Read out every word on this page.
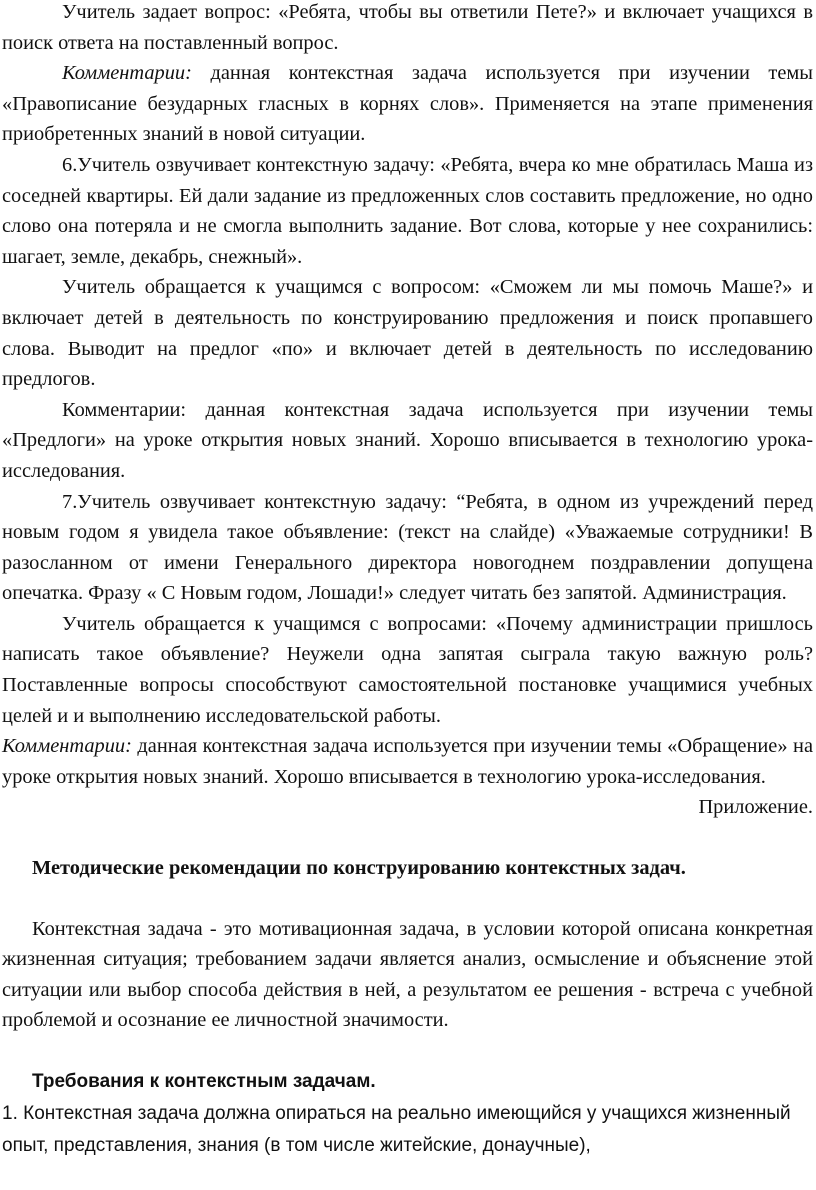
Учитель задает вопрос: «Ребята, чтобы вы ответили Пете?» и включает учащихся в поиск ответа на поставленный вопрос.

Комментарии: данная контекстная задача используется при изучении темы «Правописание безударных гласных в корнях слов». Применяется на этапе применения приобретенных знаний в новой ситуации.

6.Учитель озвучивает контекстную задачу: «Ребята, вчера ко мне обратилась Маша из соседней квартиры. Ей дали задание из предложенных слов составить предложение, но одно слово она потеряла и не смогла выполнить задание. Вот слова, которые у нее сохранились: шагает, земле, декабрь, снежный».

Учитель обращается к учащимся с вопросом: «Сможем ли мы помочь Маше?» и включает детей в деятельность по конструированию предложения и поиск пропавшего слова. Выводит на предлог «по» и включает детей в деятельность по исследованию предлогов.

Комментарии: данная контекстная задача используется при изучении темы «Предлоги» на уроке открытия новых знаний. Хорошо вписывается в технологию урока-исследования.

7.Учитель озвучивает контекстную задачу: “Ребята, в одном из учреждений перед новым годом я увидела такое объявление: (текст на слайде) «Уважаемые сотрудники! В разосланном от имени Генерального директора новогоднем поздравлении допущена опечатка. Фразу « С Новым годом, Лошади!» следует читать без запятой. Администрация.

Учитель обращается к учащимся с вопросами: «Почему администрации пришлось написать такое объявление? Неужели одна запятая сыграла такую важную роль? Поставленные вопросы способствуют самостоятельной постановке учащимися учебных целей и и выполнению исследовательской работы.

Комментарии: данная контекстная задача используется при изучении темы «Обращение» на уроке открытия новых знаний. Хорошо вписывается в технологию урока-исследования.

Приложение.

Методические рекомендации по конструированию контекстных задач.

Контекстная задача - это мотивационная задача, в условии которой описана конкретная жизненная ситуация; требованием задачи является анализ, осмысление и объяснение этой ситуации или выбор способа действия в ней, а результатом ее решения - встреча с учебной проблемой и осознание ее личностной значимости.

Требования к контекстным задачам.

1. Контекстная задача должна опираться на реально имеющийся у учащихся жизненный опыт, представления, знания (в том числе житейские, донаучные),
